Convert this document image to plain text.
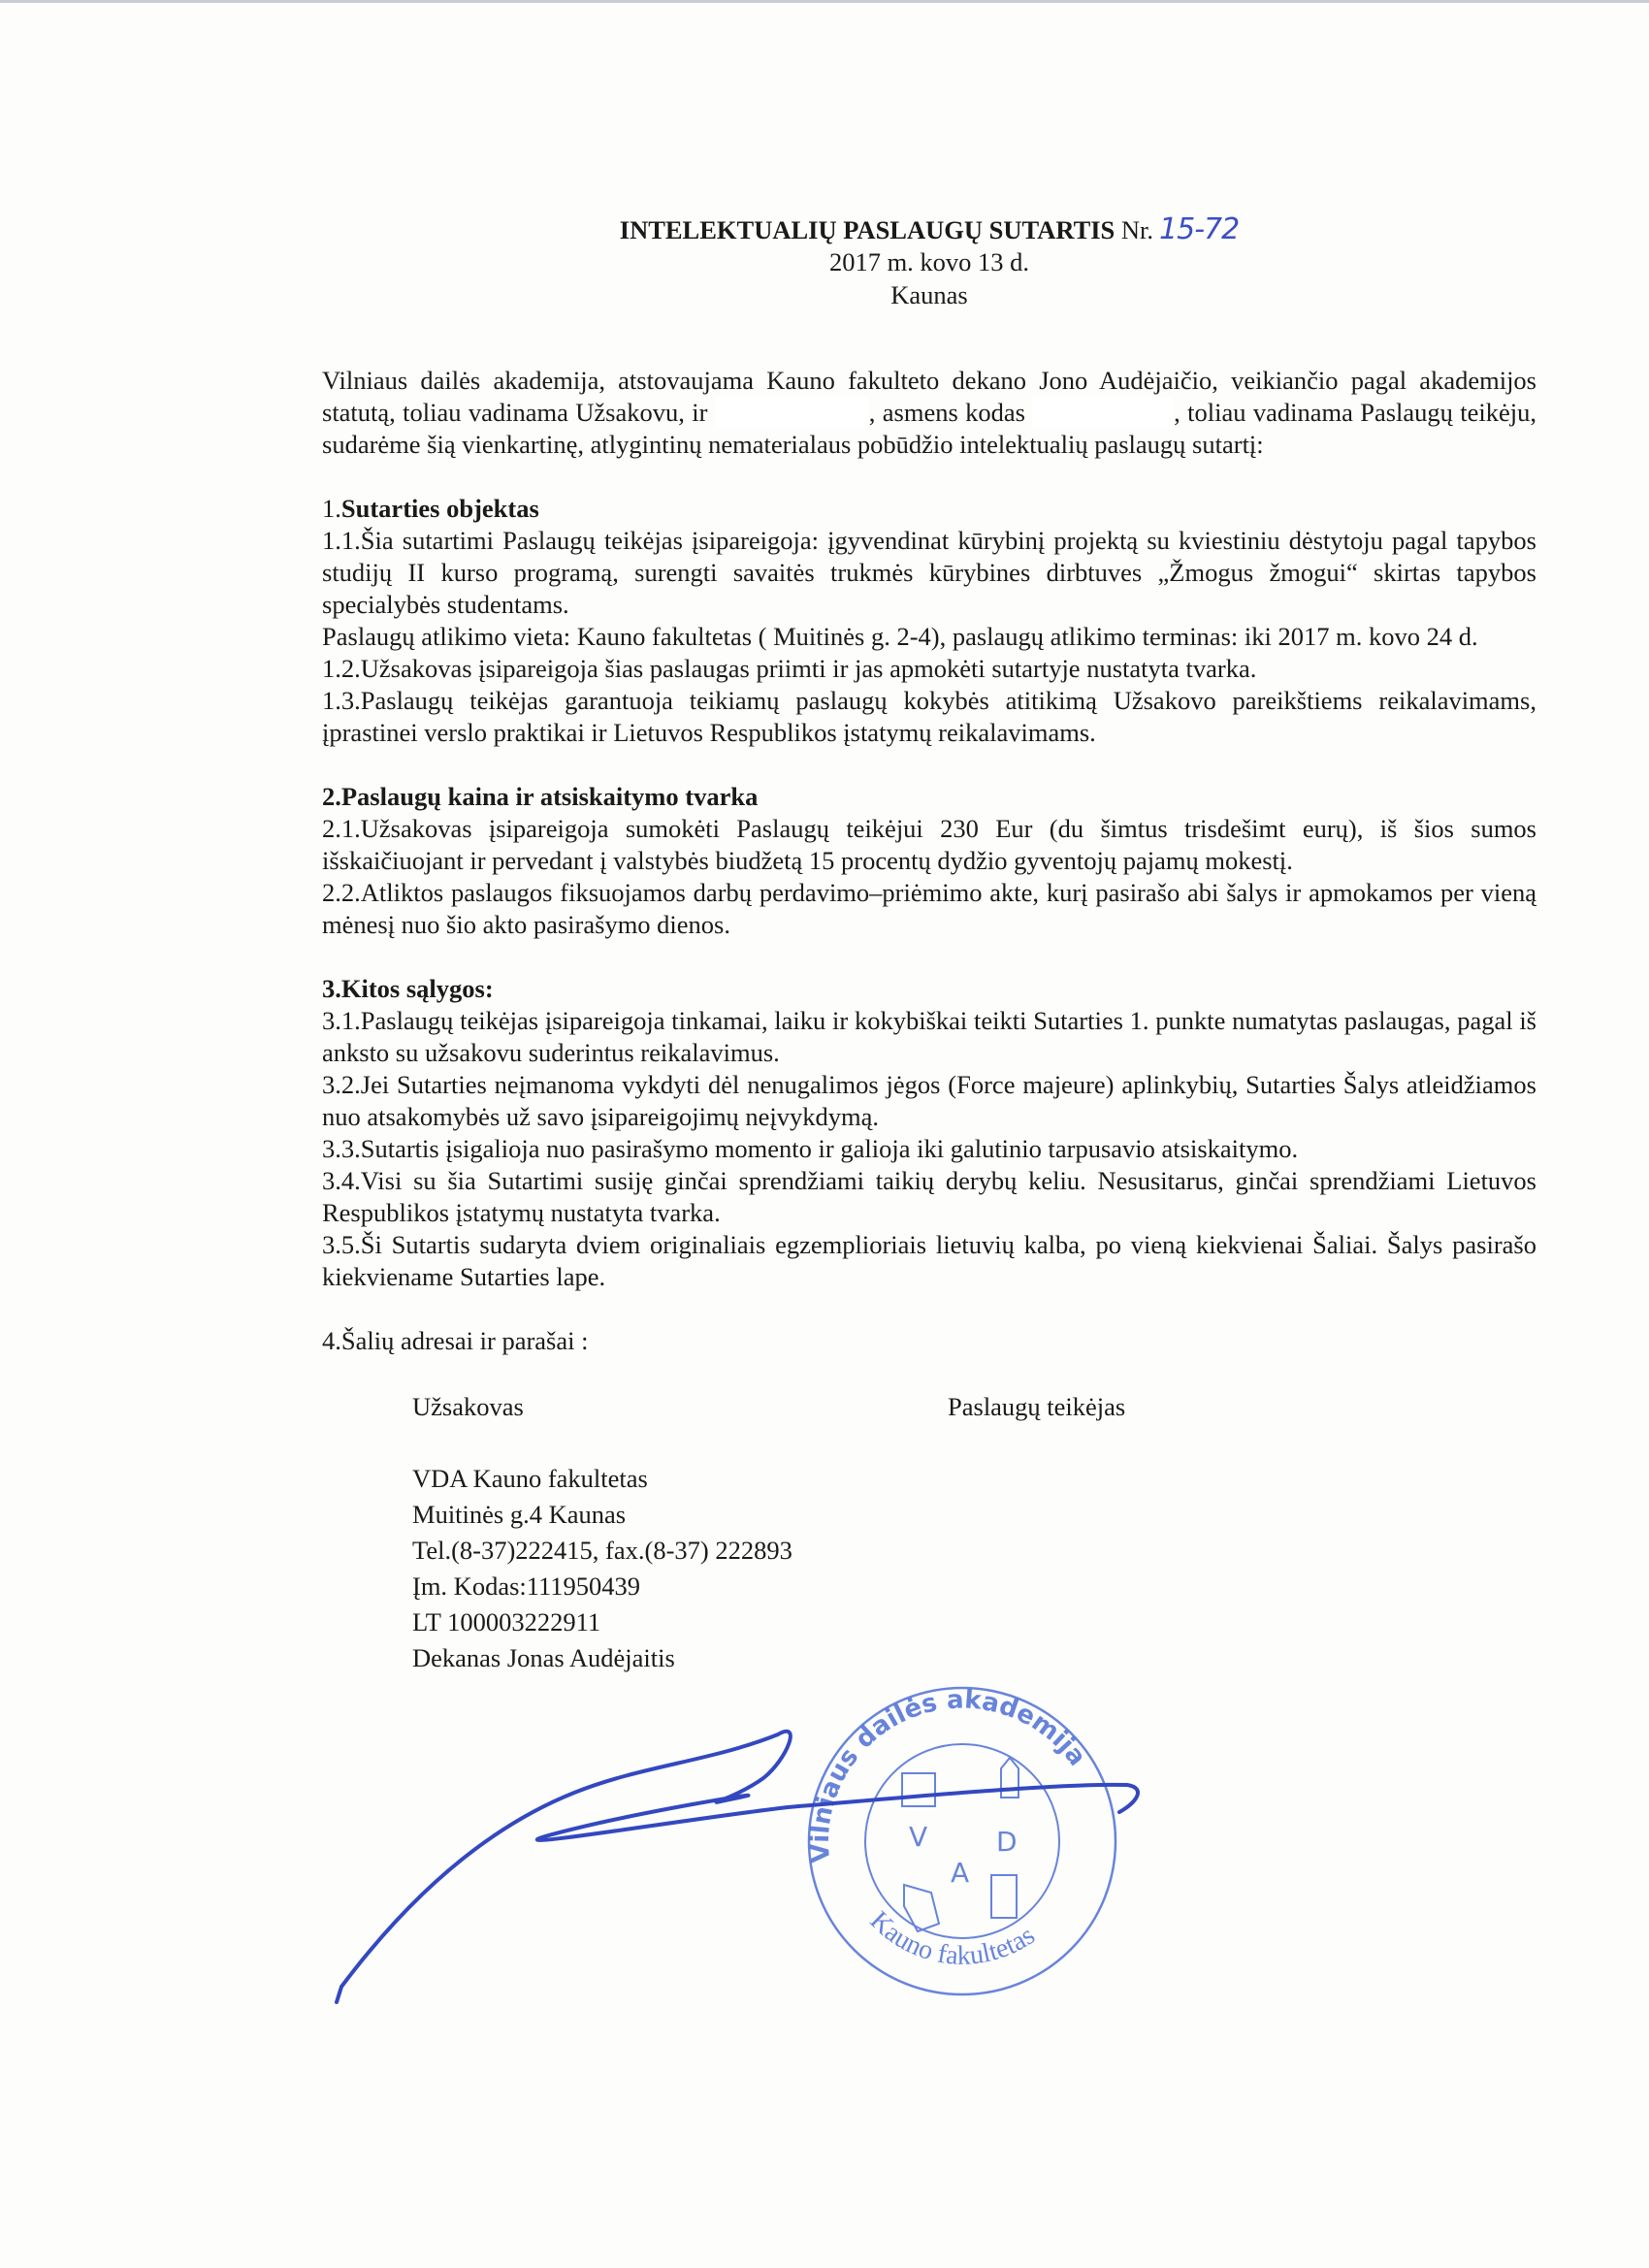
INTELEKTUALIŲ PASLAUGŲ SUTARTIS Nr. 15-72
2017 m. kovo 13 d.
Kaunas

Vilniaus dailės akademija, atstovaujama Kauno fakulteto dekano Jono Audėjaičio, veikiančio pagal akademijos statutą, toliau vadinama Užsakovu, ir	, asmens kodas	, toliau vadinama Paslaugų teikėju, sudarėme šią vienkartinę, atlygintinų nematerialaus pobūdžio intelektualių paslaugų sutartį:

1.Sutarties objektas

1.1.Šia sutartimi Paslaugų teikėjas įsipareigoja: įgyvendinat kūrybinį projektą su kviestiniu dėstytoju pagal tapybos studijų II kurso programą, surengti savaitės trukmės kūrybines dirbtuves „Žmogus žmogui“ skirtas tapybos specialybės studentams.

Paslaugų atlikimo vieta: Kauno fakultetas ( Muitinės g. 2-4), paslaugų atlikimo terminas: iki 2017 m. kovo 24 d.

1.2.Užsakovas įsipareigoja šias paslaugas priimti ir jas apmokėti sutartyje nustatyta tvarka.

1.3.Paslaugų teikėjas garantuoja teikiamų paslaugų kokybės atitikimą Užsakovo pareikštiems reikalavimams, įprastinei verslo praktikai ir Lietuvos Respublikos įstatymų reikalavimams.

2.Paslaugų kaina ir atsiskaitymo tvarka

2.1.Užsakovas įsipareigoja sumokėti Paslaugų teikėjui 230 Eur (du šimtus trisdešimt eurų), iš šios sumos išskaičiuojant ir pervedant į valstybės biudžetą 15 procentų dydžio gyventojų pajamų mokestį.

2.2.Atliktos paslaugos fiksuojamos darbų perdavimo–priėmimo akte, kurį pasirašo abi šalys ir apmokamos per vieną mėnesį nuo šio akto pasirašymo dienos.

3.Kitos sąlygos:

3.1.Paslaugų teikėjas įsipareigoja tinkamai, laiku ir kokybiškai teikti Sutarties 1. punkte numatytas paslaugas, pagal iš anksto su užsakovu suderintus reikalavimus.

3.2.Jei Sutarties neįmanoma vykdyti dėl nenugalimos jėgos (Force majeure) aplinkybių, Sutarties Šalys atleidžiamos nuo atsakomybės už savo įsipareigojimų neįvykdymą.

3.3.Sutartis įsigalioja nuo pasirašymo momento ir galioja iki galutinio tarpusavio atsiskaitymo.

3.4.Visi su šia Sutartimi susiję ginčai sprendžiami taikių derybų keliu. Nesusitarus, ginčai sprendžiami Lietuvos Respublikos įstatymų nustatyta tvarka.

3.5.Ši Sutartis sudaryta dviem originaliais egzemplioriais lietuvių kalba, po vieną kiekvienai Šaliai. Šalys pasirašo kiekviename Sutarties lape.

4.Šalių adresai ir parašai :
Užsakovas	Paslaugų teikėjas
VDA Kauno fakultetas
Muitinės g.4 Kaunas
Tel.(8-37)222415, fax.(8-37) 222893
Įm. Kodas:111950439
LT 100003222911
Dekanas Jonas Audėjaitis
Vilniaus dailės akademija
Kauno fakultetas
V	D
A
